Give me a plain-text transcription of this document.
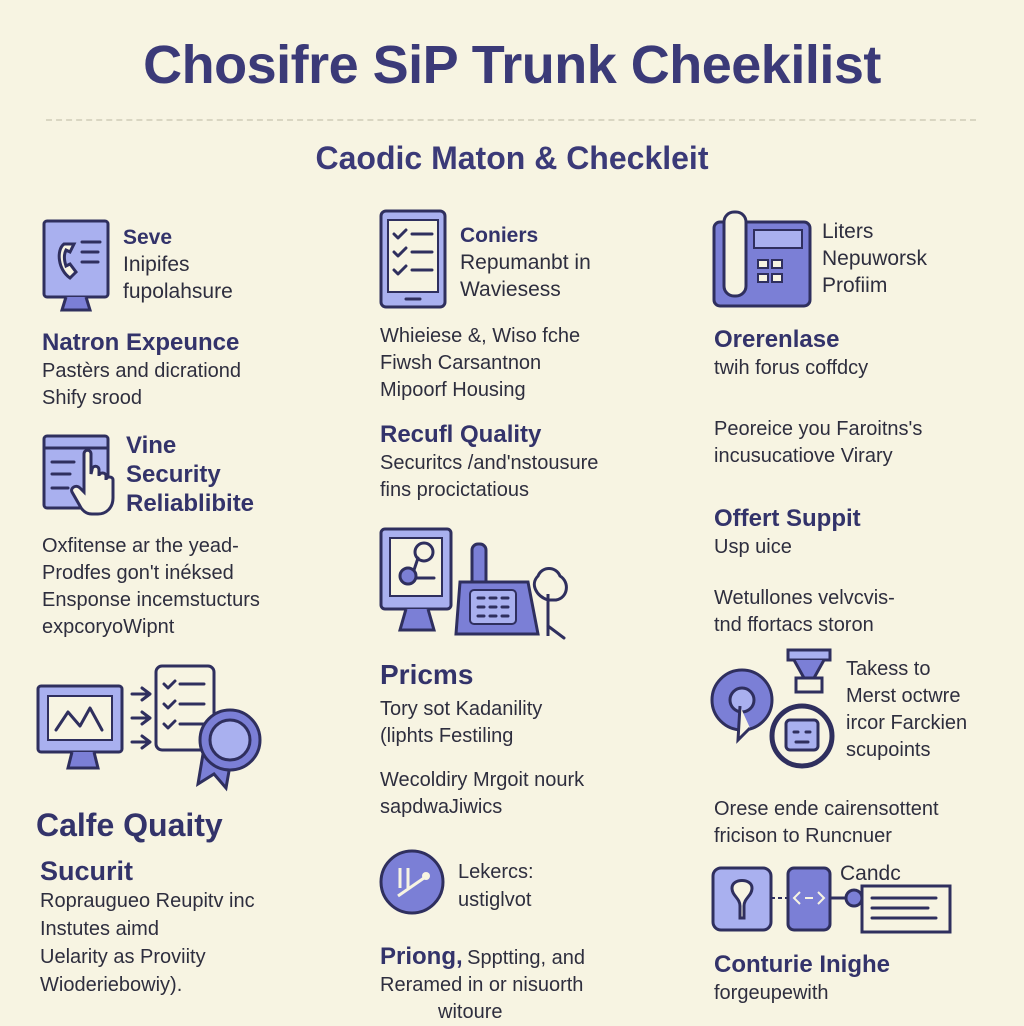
Chosifre SiP Trunk Cheekilist
Caodic Maton & Checkleit
Seve
Inipifes
fupolahsure
Natron Expeunce
Pastèrs and dicrationd
Shify srood
Vine
Security
Reliablibite
Oxfitense ar the yead-
Prodfes gon't inéksed
Ensponse incemstucturs
expcoryoWipnt
Calfe Quaity
Sucurit
Ropraugueo Reupitv inc
Instutes aimd
Uelarity as Proviity
Wioderiebowiy).
Coniers
Repumanbt in
Waviesess
Whieiese &, Wiso fche
Fiwsh Carsantnon
Mipoorf Housing
Recufl Quality
Securitcs /and'nstousure
fins procictatious
Pricms
Tory sot Kadanility
(liphts Festiling
Wecoldiry Mrgoit nourk
sapdwaJiwics
Lekercs:
ustiglvot
Priong, Spptting, and
Reramed in or nisuorth
witoure
Liters
Nepuworsk
Profiim
Orerenlase
twih forus coffdcy
Peoreice you Faroitns's
incusucatiove Virary
Offert Suppit
Usp uice
Wetullones velvcvis-
tnd ffortacs storon
Takess to
Merst octwre
ircor Farckien
scupoints
Orese ende cairensottent
fricison to Runcnuer
Candc
Conturie Inighe
forgeupewith
